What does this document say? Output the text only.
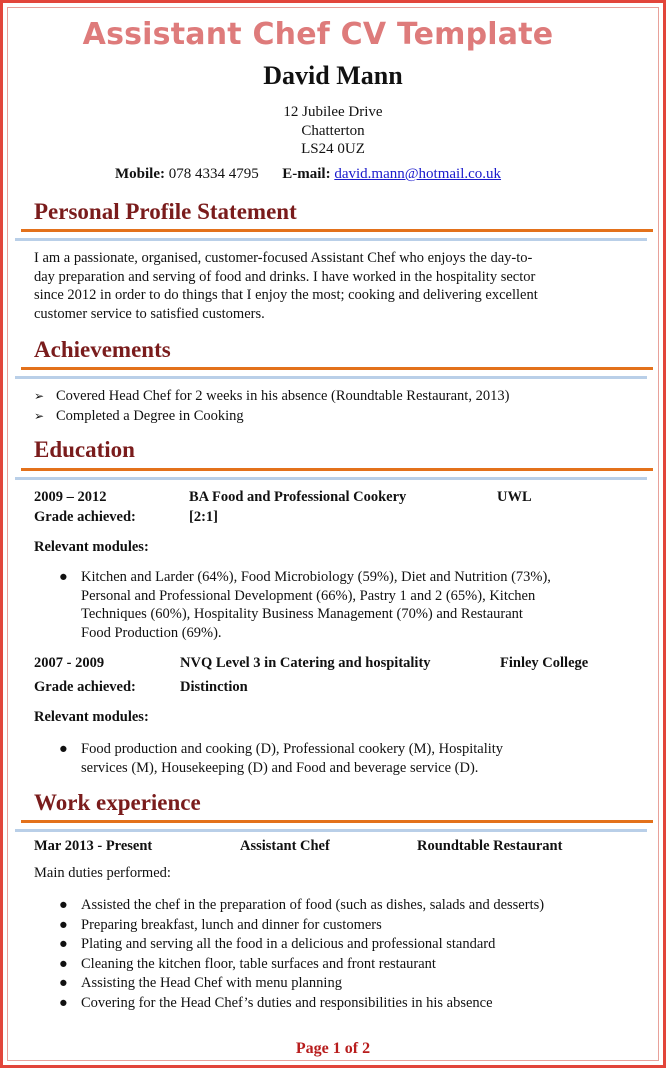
Assistant Chef CV Template
David Mann
12 Jubilee Drive
Chatterton
LS24 0UZ
Mobile: 078 4334 4795 E-mail: david.mann@hotmail.co.uk
Personal Profile Statement
I am a passionate, organised, customer-focused Assistant Chef who enjoys the day-to-
day preparation and serving of food and drinks. I have worked in the hospitality sector
since 2012 in order to do things that I enjoy the most; cooking and delivering excellent
customer service to satisfied customers.
Achievements
➢ Covered Head Chef for 2 weeks in his absence (Roundtable Restaurant, 2013)
➢ Completed a Degree in Cooking
Education
2009 – 2012	BA Food and Professional Cookery	UWL
Grade achieved:	[2:1]
Relevant modules:
● Kitchen and Larder (64%), Food Microbiology (59%), Diet and Nutrition (73%),
Personal and Professional Development (66%), Pastry 1 and 2 (65%), Kitchen
Techniques (60%), Hospitality Business Management (70%) and Restaurant
Food Production (69%).
2007 - 2009	NVQ Level 3 in Catering and hospitality	Finley College
Grade achieved:	Distinction
Relevant modules:
● Food production and cooking (D), Professional cookery (M), Hospitality
services (M), Housekeeping (D) and Food and beverage service (D).
Work experience
Mar 2013 - Present	Assistant Chef	Roundtable Restaurant
Main duties performed:
● Assisted the chef in the preparation of food (such as dishes, salads and desserts)
● Preparing breakfast, lunch and dinner for customers
● Plating and serving all the food in a delicious and professional standard
● Cleaning the kitchen floor, table surfaces and front restaurant
● Assisting the Head Chef with menu planning
● Covering for the Head Chef’s duties and responsibilities in his absence
Page 1 of 2
